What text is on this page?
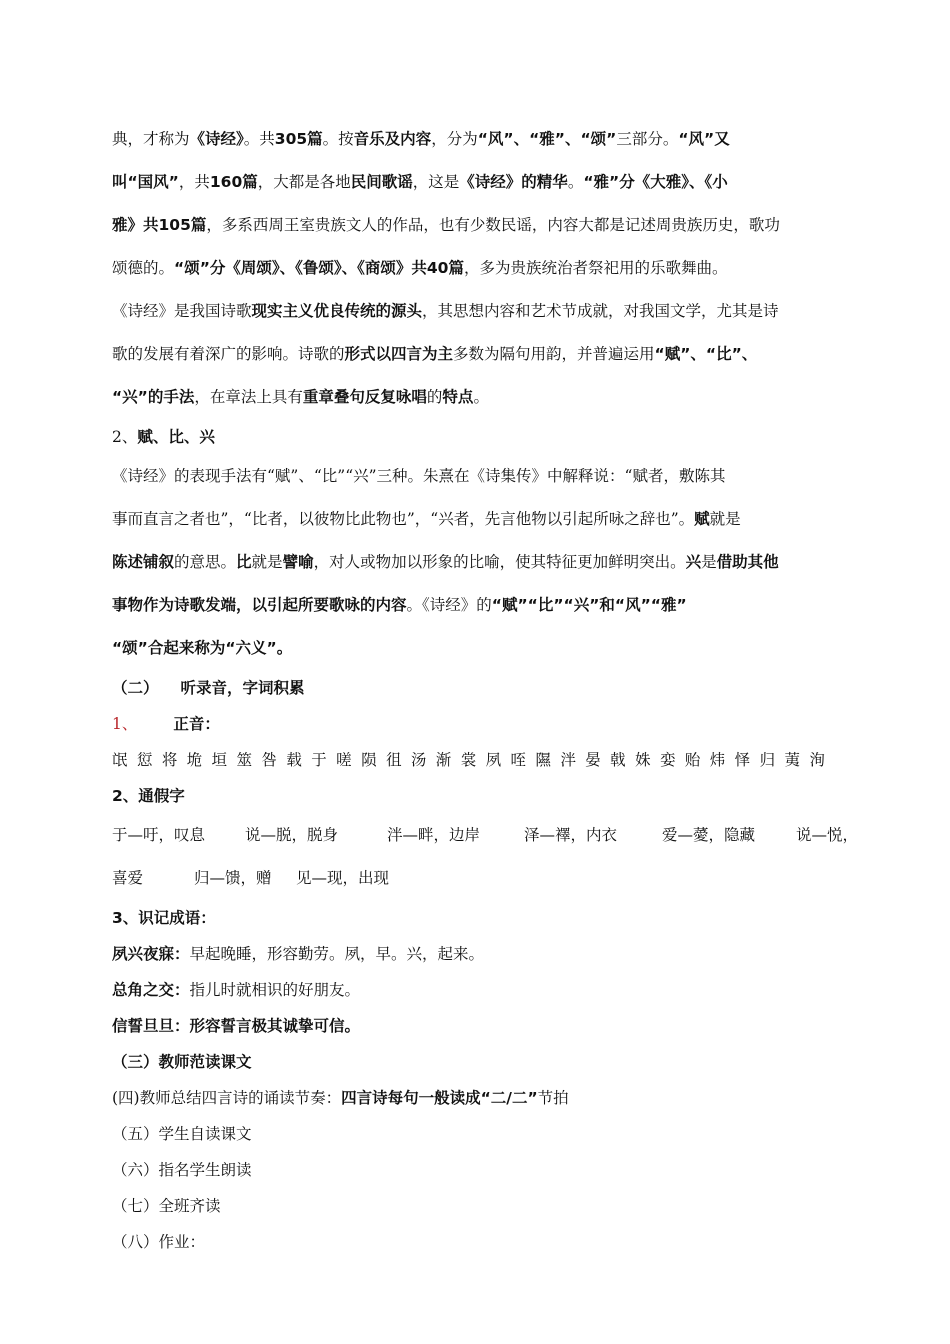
典，才称为《诗经》。共305篇。按音乐及内容，分为“风”、“雅”、“颂”三部分。“风”又
叫“国风”，共160篇，大都是各地民间歌谣，这是《诗经》的精华。“雅”分《大雅》、《小
雅》共105篇，多系西周王室贵族文人的作品，也有少数民谣，内容大都是记述周贵族历史，歌功
颂德的。“颂”分《周颂》、《鲁颂》、《商颂》共40篇，多为贵族统治者祭祀用的乐歌舞曲。
《诗经》是我国诗歌现实主义优良传统的源头，其思想内容和艺术节成就，对我国文学，尤其是诗
歌的发展有着深广的影响。诗歌的形式以四言为主多数为隔句用韵，并普遍运用“赋”、“比”、
“兴”的手法，在章法上具有重章叠句反复咏唱的特点。
2、赋、比、兴
《诗经》的表现手法有“赋”、“比”“兴”三种。朱熹在《诗集传》中解释说：“赋者，敷陈其
事而直言之者也”，“比者，以彼物比此物也”，“兴者，先言他物以引起所咏之辞也”。赋就是
陈述铺叙的意思。比就是譬喻，对人或物加以形象的比喻，使其特征更加鲜明突出。兴是借助其他
事物作为诗歌发端，以引起所要歌咏的内容。《诗经》的“赋”“比”“兴”和“风”“雅”
“颂”合起来称为“六义”。
（二） 听录音，字词积累
1、 正音：
氓 愆 将 垝 垣 筮 咎 载 于 嗟 陨 徂 汤 渐 裳 夙 咥 隰 泮 晏 戟 姝 娈 贻 炜 怿 归 荑 洵
2、通假字
于—吁，叹息	说—脱，脱身	泮—畔，边岸	泽—襗，内衣	爱—薆，隐藏	说—悦，
喜爱	归—馈，赠 见—现，出现
3、识记成语：
夙兴夜寐：早起晚睡，形容勤劳。夙，早。兴，起来。
总角之交：指儿时就相识的好朋友。
信誓旦旦：形容誓言极其诚挚可信。
（三）教师范读课文
(四)教师总结四言诗的诵读节奏：四言诗每句一般读成“二/二”节拍
（五）学生自读课文
（六）指名学生朗读
（七）全班齐读
（八）作业：
